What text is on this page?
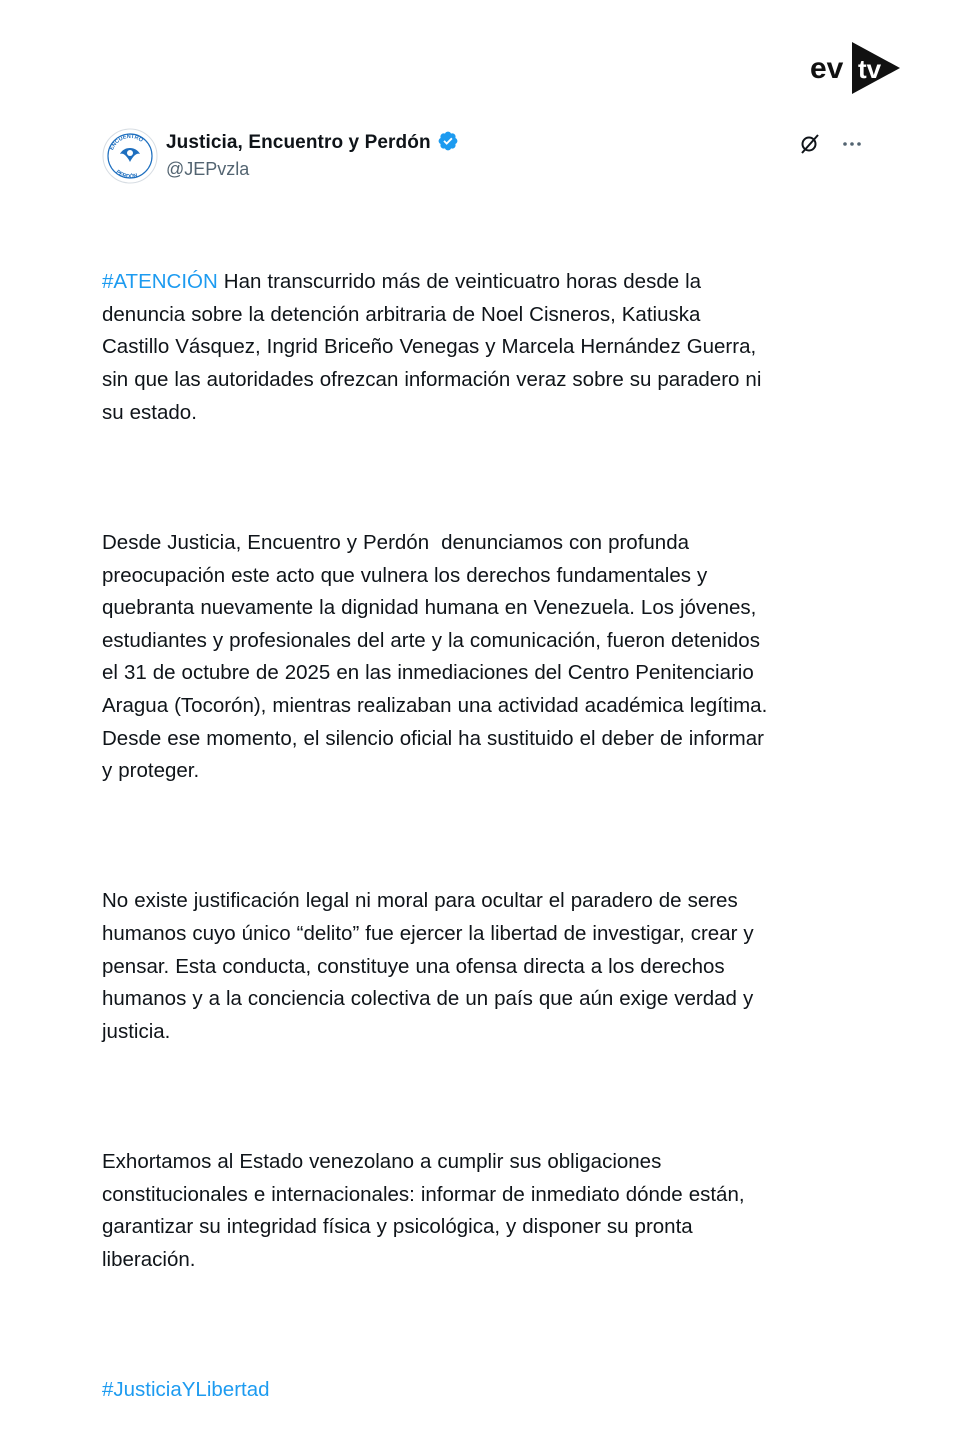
ev tv
ENCUENTRO
PERDÓN
Justicia, Encuentro y Perdón
@JEPvzla

#ATENCIÓN Han transcurrido más de veinticuatro horas desde la
denuncia sobre la detención arbitraria de Noel Cisneros, Katiuska
Castillo Vásquez, Ingrid Briceño Venegas y Marcela Hernández Guerra,
sin que las autoridades ofrezcan información veraz sobre su paradero ni
su estado.

Desde Justicia, Encuentro y Perdón  denunciamos con profunda
preocupación este acto que vulnera los derechos fundamentales y
quebranta nuevamente la dignidad humana en Venezuela. Los jóvenes,
estudiantes y profesionales del arte y la comunicación, fueron detenidos
el 31 de octubre de 2025 en las inmediaciones del Centro Penitenciario
Aragua (Tocorón), mientras realizaban una actividad académica legítima.
Desde ese momento, el silencio oficial ha sustituido el deber de informar
y proteger.

No existe justificación legal ni moral para ocultar el paradero de seres
humanos cuyo único “delito” fue ejercer la libertad de investigar, crear y
pensar. Esta conducta, constituye una ofensa directa a los derechos
humanos y a la conciencia colectiva de un país que aún exige verdad y
justicia.

Exhortamos al Estado venezolano a cumplir sus obligaciones
constitucionales e internacionales: informar de inmediato dónde están,
garantizar su integridad física y psicológica, y disponer su pronta
liberación.

#JusticiaYLibertad
